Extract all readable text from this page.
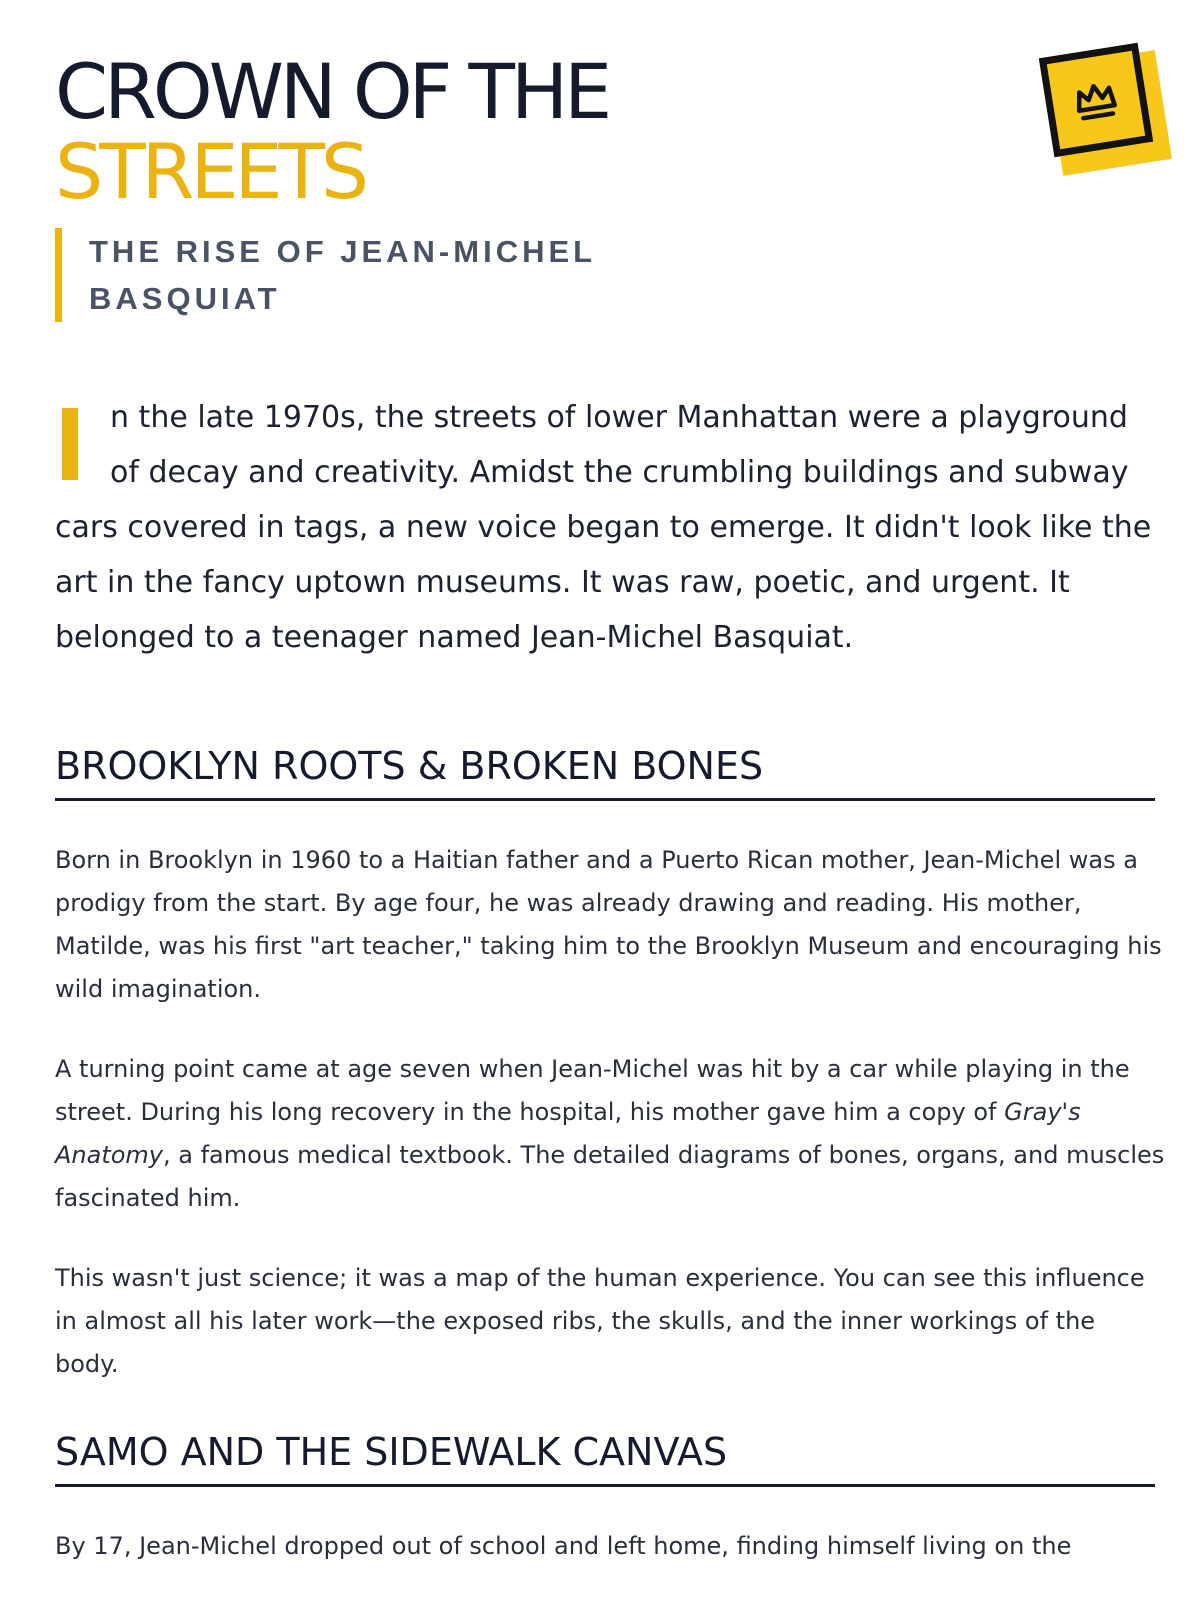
CROWN OF THE
STREETS
THE RISE OF JEAN-MICHEL BASQUIAT

n the late 1970s, the streets of lower Manhattan were a playground of decay and creativity. Amidst the crumbling buildings and subway cars covered in tags, a new voice began to emerge. It didn't look like the art in the fancy uptown museums. It was raw, poetic, and urgent. It belonged to a teenager named Jean-Michel Basquiat.

BROOKLYN ROOTS & BROKEN BONES

Born in Brooklyn in 1960 to a Haitian father and a Puerto Rican mother, Jean-Michel was a prodigy from the start. By age four, he was already drawing and reading. His mother, Matilde, was his first "art teacher," taking him to the Brooklyn Museum and encouraging his wild imagination.

A turning point came at age seven when Jean-Michel was hit by a car while playing in the street. During his long recovery in the hospital, his mother gave him a copy of Gray's Anatomy, a famous medical textbook. The detailed diagrams of bones, organs, and muscles fascinated him.

This wasn't just science; it was a map of the human experience. You can see this influence in almost all his later work—the exposed ribs, the skulls, and the inner workings of the body.

SAMO AND THE SIDEWALK CANVAS

By 17, Jean-Michel dropped out of school and left home, finding himself living on the
